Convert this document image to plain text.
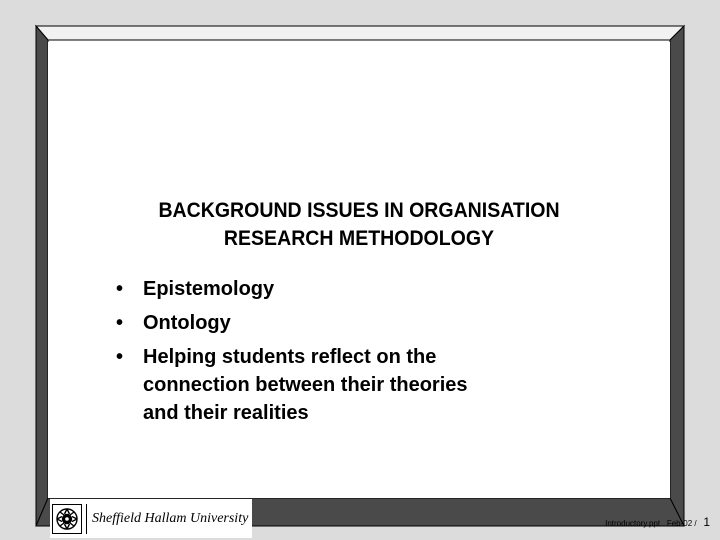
BACKGROUND ISSUES IN ORGANISATION
RESEARCH METHODOLOGY
• Epistemology
• Ontology
• Helping students reflect on the
connection between their theories
and their realities
Sheffield Hallam University	Introductory.ppt Feb-02 / 1
